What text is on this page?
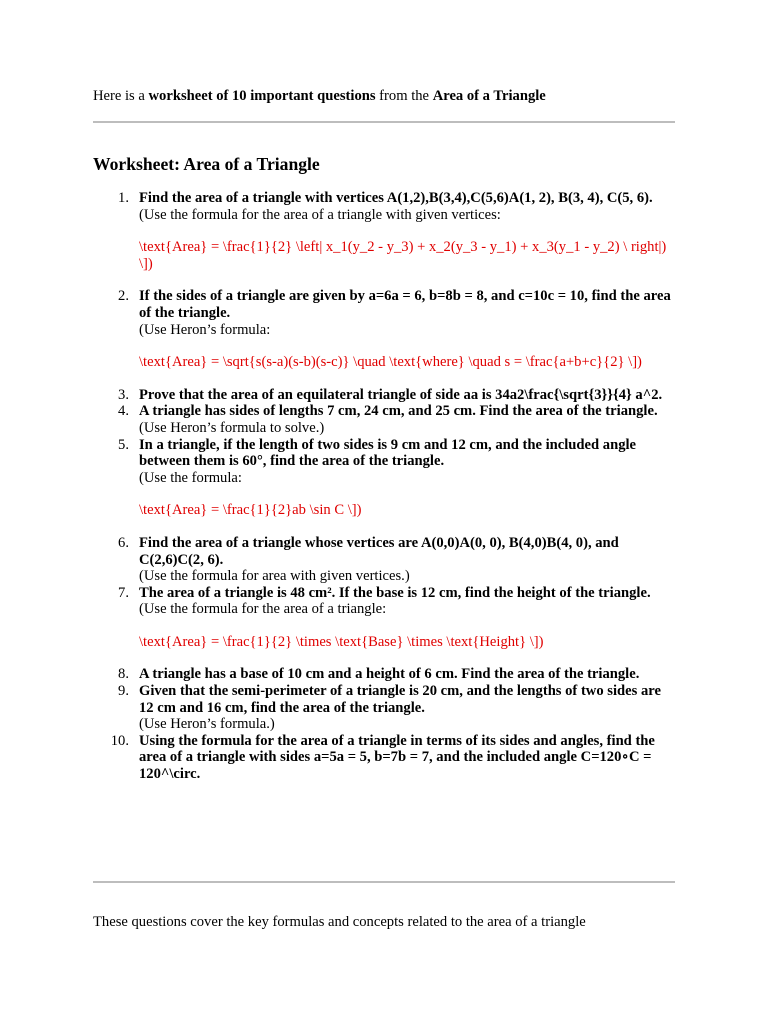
Here is a worksheet of 10 important questions from the Area of a Triangle
Worksheet: Area of a Triangle
1. Find the area of a triangle with vertices A(1,2),B(3,4),C(5,6)A(1, 2), B(3, 4), C(5, 6).
(Use the formula for the area of a triangle with given vertices:
\text{Area} = \frac{1}{2} \left| x_1(y_2 - y_3) + x_2(y_3 - y_1) + x_3(y_1 - y_2) \ right|) \])
2. If the sides of a triangle are given by a=6a = 6, b=8b = 8, and c=10c = 10, find the area of the triangle.
(Use Heron’s formula:
\text{Area} = \sqrt{s(s-a)(s-b)(s-c)} \quad \text{where} \quad s = \frac{a+b+c}{2} \])
3. Prove that the area of an equilateral triangle of side aa is 34a2\frac{\sqrt{3}}{4} a^2.
4. A triangle has sides of lengths 7 cm, 24 cm, and 25 cm. Find the area of the triangle.
(Use Heron’s formula to solve.)
5. In a triangle, if the length of two sides is 9 cm and 12 cm, and the included angle between them is 60°, find the area of the triangle.
(Use the formula:
\text{Area} = \frac{1}{2}ab \sin C \])
6. Find the area of a triangle whose vertices are A(0,0)A(0, 0), B(4,0)B(4, 0), and C(2,6)C(2, 6).
(Use the formula for area with given vertices.)
7. The area of a triangle is 48 cm². If the base is 12 cm, find the height of the triangle.
(Use the formula for the area of a triangle:
\text{Area} = \frac{1}{2} \times \text{Base} \times \text{Height} \])
8. A triangle has a base of 10 cm and a height of 6 cm. Find the area of the triangle.
9. Given that the semi-perimeter of a triangle is 20 cm, and the lengths of two sides are 12 cm and 16 cm, find the area of the triangle.
(Use Heron’s formula.)
10. Using the formula for the area of a triangle in terms of its sides and angles, find the area of a triangle with sides a=5a = 5, b=7b = 7, and the included angle C=120∘C = 120^\circ.
These questions cover the key formulas and concepts related to the area of a triangle
